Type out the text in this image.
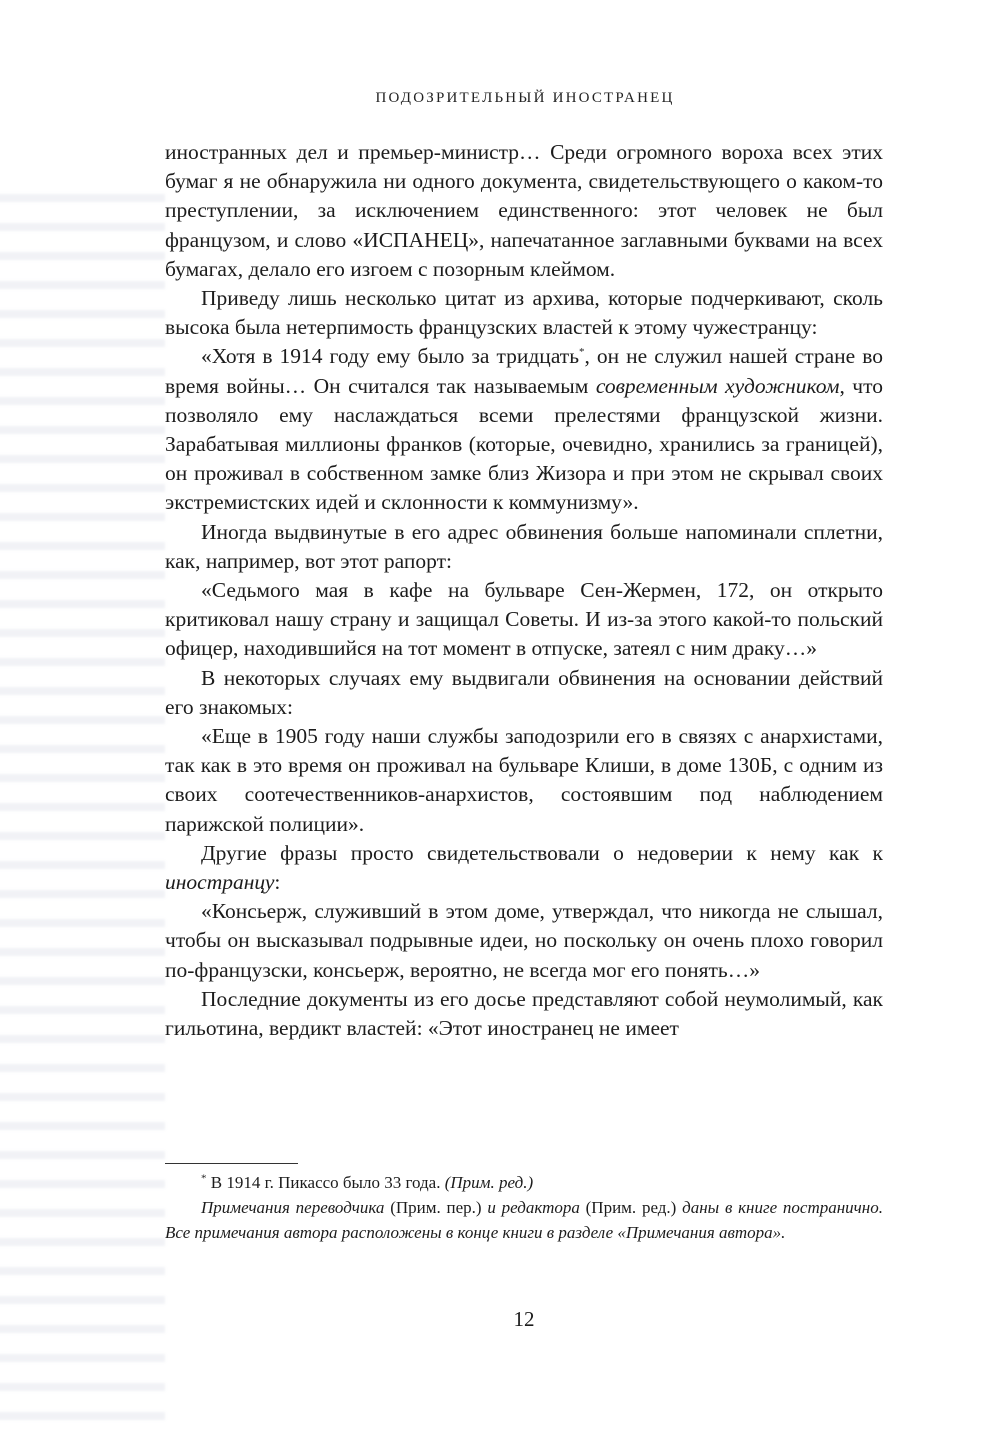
ПОДОЗРИТЕЛЬНЫЙ ИНОСТРАНЕЦ

иностранных дел и премьер-министр… Среди огромного вороха всех этих бумаг я не обнаружила ни одного документа, свидетельствующего о каком-то преступлении, за исключением единственного: этот человек не был французом, и слово «ИСПАНЕЦ», напечатанное заглавными буквами на всех бумагах, делало его изгоем с позорным клеймом.

Приведу лишь несколько цитат из архива, которые подчеркивают, сколь высока была нетерпимость французских властей к этому чужестранцу:

«Хотя в 1914 году ему было за тридцать*, он не служил нашей стране во время войны… Он считался так называемым современным художником, что позволяло ему наслаждаться всеми прелестями французской жизни. Зарабатывая миллионы франков (которые, очевидно, хранились за границей), он проживал в собственном замке близ Жизора и при этом не скрывал своих экстремистских идей и склонности к коммунизму».

Иногда выдвинутые в его адрес обвинения больше напоминали сплетни, как, например, вот этот рапорт:

«Седьмого мая в кафе на бульваре Сен-Жермен, 172, он открыто критиковал нашу страну и защищал Советы. И из-за этого какой-то польский офицер, находившийся на тот момент в отпуске, затеял с ним драку…»

В некоторых случаях ему выдвигали обвинения на основании действий его знакомых:

«Еще в 1905 году наши службы заподозрили его в связях с анархистами, так как в это время он проживал на бульваре Клиши, в доме 130Б, с одним из своих соотечественников-анархистов, состоявшим под наблюдением парижской полиции».

Другие фразы просто свидетельствовали о недоверии к нему как к иностранцу:

«Консьерж, служивший в этом доме, утверждал, что никогда не слышал, чтобы он высказывал подрывные идеи, но поскольку он очень плохо говорил по-французски, консьерж, вероятно, не всегда мог его понять…»

Последние документы из его досье представляют собой неумолимый, как гильотина, вердикт властей: «Этот иностранец не имеет

* В 1914 г. Пикассо было 33 года. (Прим. ред.)

Примечания переводчика (Прим. пер.) и редактора (Прим. ред.) даны в книге постранично. Все примечания автора расположены в конце книги в разделе «Примечания автора».

12
